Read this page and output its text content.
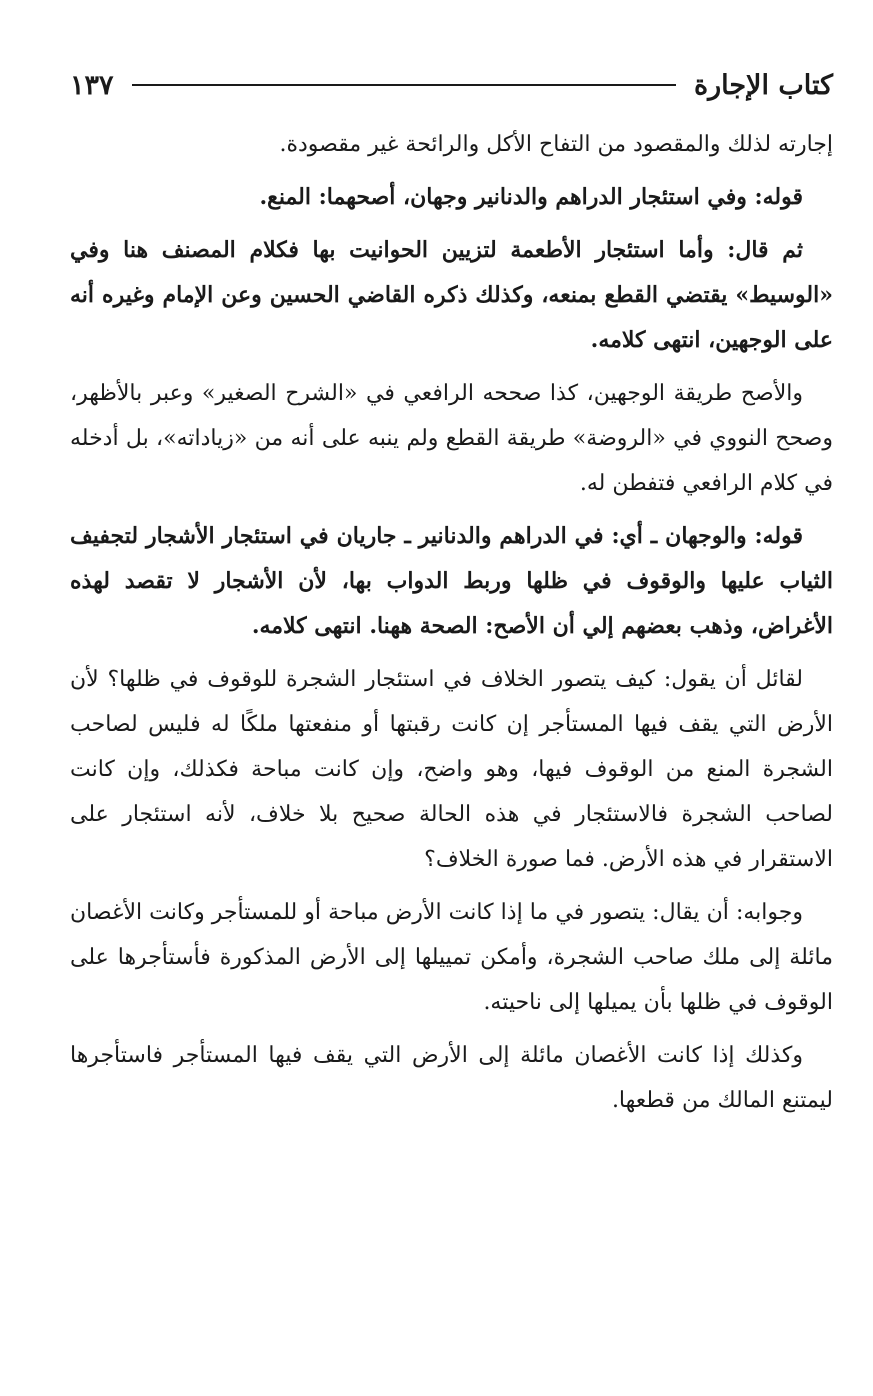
كتاب الإجارة
١٣٧

إجارته لذلك والمقصود من التفاح الأكل والرائحة غير مقصودة.

قوله: وفي استئجار الدراهم والدنانير وجهان، أصحهما: المنع.

ثم قال: وأما استئجار الأطعمة لتزيين الحوانيت بها فكلام المصنف هنا وفي «الوسيط» يقتضي القطع بمنعه، وكذلك ذكره القاضي الحسين وعن الإمام وغيره أنه على الوجهين، انتهى كلامه.

والأصح طريقة الوجهين، كذا صححه الرافعي في «الشرح الصغير» وعبر بالأظهر، وصحح النووي في «الروضة» طريقة القطع ولم ينبه على أنه من «زياداته»، بل أدخله في كلام الرافعي فتفطن له.

قوله: والوجهان ـ أي: في الدراهم والدنانير ـ جاريان في استئجار الأشجار لتجفيف الثياب عليها والوقوف في ظلها وربط الدواب بها، لأن الأشجار لا تقصد لهذه الأغراض، وذهب بعضهم إلي أن الأصح: الصحة ههنا. انتهى كلامه.

لقائل أن يقول: كيف يتصور الخلاف في استئجار الشجرة للوقوف في ظلها؟ لأن الأرض التي يقف فيها المستأجر إن كانت رقبتها أو منفعتها ملكًا له فليس لصاحب الشجرة المنع من الوقوف فيها، وهو واضح، وإن كانت مباحة فكذلك، وإن كانت لصاحب الشجرة فالاستئجار في هذه الحالة صحيح بلا خلاف، لأنه استئجار على الاستقرار في هذه الأرض. فما صورة الخلاف؟

وجوابه: أن يقال: يتصور في ما إذا كانت الأرض مباحة أو للمستأجر وكانت الأغصان مائلة إلى ملك صاحب الشجرة، وأمكن تمييلها إلى الأرض المذكورة فأستأجرها على الوقوف في ظلها بأن يميلها إلى ناحيته.

وكذلك إذا كانت الأغصان مائلة إلى الأرض التي يقف فيها المستأجر فاستأجرها ليمتنع المالك من قطعها.
